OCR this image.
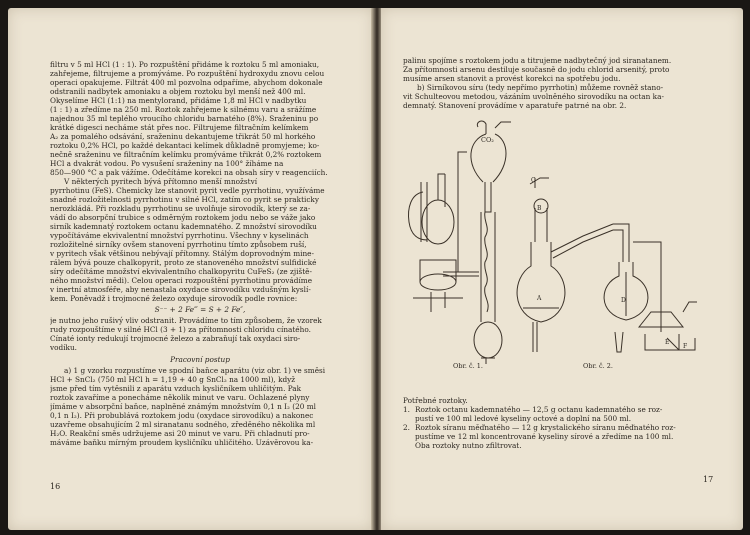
filtru v 5 ml HCl (1 : 1). Po rozpuštění přidáme k roztoku 5 ml amoniaku,
zahřejeme, filtrujeme a promýváme. Po rozpuštění hydroxydu znovu celou
operaci opakujeme. Filtrát 400 ml pozvolna odpaříme, abychom dokonale
odstranili nadbytek amoniaku a objem roztoku byl menší než 400 ml.
Okyselíme HCl (1:1) na mentylorand, přidáme 1,8 ml HCl v nadbytku
(1 : 1) a zředíme na 250 ml. Roztok zahřejeme k silnému varu a srážíme
najednou 35 ml teplého vroucího chloridu barnatého (8%). Sraženinu po
krátké digesci necháme stát přes noc. Filtrujeme filtračním kelímkem
A₂ za pomalého odsávání, sraženinu dekantujeme třikrát 50 ml horkého
roztoku 0,2% HCl, po každé dekantaci kelímek důkladně promyjeme; ko-
nečně sraženinu ve filtračním kelímku promýváme třikrát 0,2% roztokem
HCl a dvakrát vodou. Po vysušení sraženiny na 100° žíháme na
850—900 °C a pak vážíme. Odečítáme korekci na obsah síry v reagenciích.
V některých pyritech bývá přítomno menší množství
pyrrhotinu (FeS). Chemicky lze stanovit pyrit vedle pyrrhotinu, využíváme
snadné rozložitelnosti pyrrhotinu v silné HCl, zatím co pyrit se prakticky
nerozkládá. Při rozkladu pyrrhotinu se uvolňuje sirovodík, který se za-
vádí do absorpční trubice s odměrným roztokem jodu nebo se váže jako
sirník kademnatý roztokem octanu kademnatého. Z množství sirovodíku
vypočítáváme ekvivalentní množství pyrrhotinu. Všechny v kyselinách
rozložitelné sirníky ovšem stanovení pyrrhotinu tímto způsobem ruší,
v pyritech však většinou nebývají přítomny. Stálým doprovodným mine-
rálem bývá pouze chalkopyrit, proto ze stanoveného množství sulfidické
síry odečítáme množství ekvivalentního chalkopyritu CuFeS₂ (ze zjiště-
ného množství mědi). Celou operaci rozpouštění pyrrhotinu provádíme
v inertní atmosféře, aby nenastala oxydace sirovodíku vzdušným kyslí-
kem. Poněvadž i trojmocné železo oxyduje sirovodík podle rovnice:
S⁻⁻ + 2 Fe‴ = S + 2 Fe″,
je nutno jeho rušivý vliv odstranit. Provádíme to tím způsobem, že vzorek
rudy rozpouštíme v silné HCl (3 + 1) za přítomnosti chloridu cínatého.
Cínaté ionty redukují trojmocné železo a zabraňují tak oxydaci siro-
vodíku.
Pracovní postup
a) 1 g vzorku rozpustíme ve spodní baňce aparátu (viz obr. 1) ve směsi
HCl + SnCl₂ (750 ml HCl h = 1,19 + 40 g SnCl₂ na 1000 ml), když
jsme před tím vytěsnili z aparátu vzduch kysličníkem uhličitým. Pak
roztok zavaříme a ponecháme několik minut ve varu. Ochlazené plyny
jímáme v absorpční baňce, naplněné známým množstvím 0,1 n I₂ (20 ml
0,1 n I₂). Při probublává roztokem jodu (oxydace sirovodíku) a nakonec
uzavřeme obsahujícím 2 ml siranatanu sodného, zředěného několika ml
H₂O. Reakční směs udržujeme asi 20 minut ve varu. Při chladnutí pro-
máváme baňku mírným proudem kysličníku uhličitého. Uzávěrovou ka-
16
palinu spojíme s roztokem jodu a titrujeme nadbytečný jod siranatanem.
Za přítomnosti arsenu destiluje současně do jodu chlorid arsenitý, proto
musíme arsen stanovit a provést korekci na spotřebu jodu.
b) Sirníkovou síru (tedy nepřímo pyrrhotin) můžeme rovněž stano-
vit Schulteovou metodou, vázáním uvolněného sirovodíku na octan ka-
demnatý. Stanovení provádíme v aparatuře patrné na obr. 2.
Potřebné roztoky.
1. Roztok octanu kademnatého — 12,5 g octanu kademnatého se roz-
pustí ve 100 ml ledové kyseliny octové a doplní na 500 ml.
2. Roztok síranu měďnatého — 12 g krystalického síranu měďnatého roz-
pustíme ve 12 ml koncentrované kyseliny sírové a zředíme na 100 ml.
Oba roztoky nutno zfiltrovat.
17
CO₂
B
C
A	D
E
F
Obr. č. 1.	Obr. č. 2.
